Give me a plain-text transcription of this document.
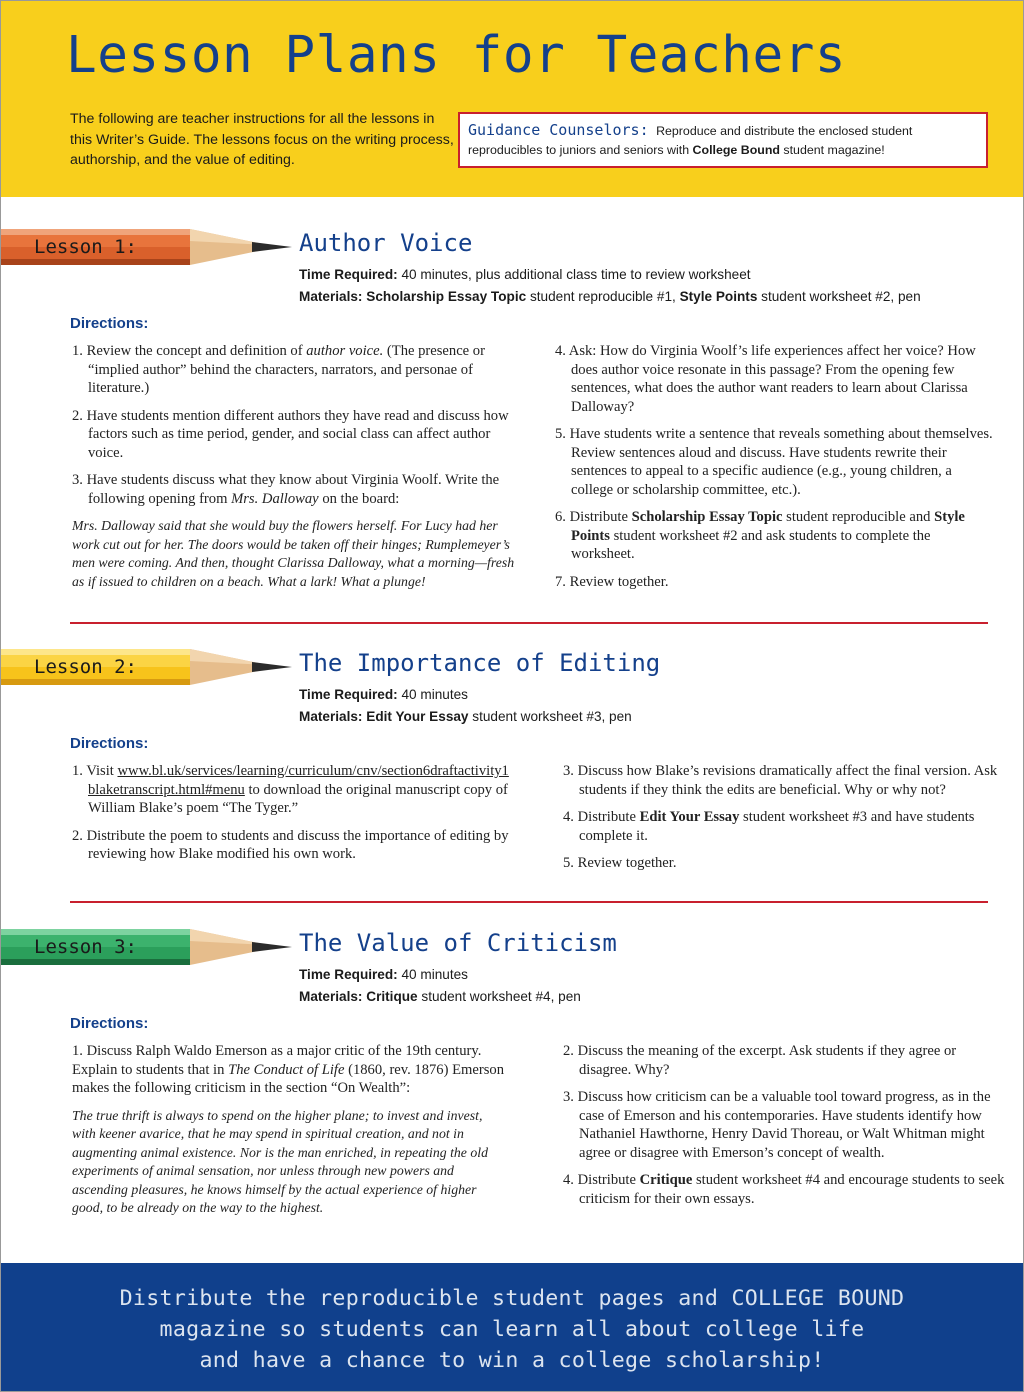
Lesson Plans for Teachers
The following are teacher instructions for all the lessons in this Writer’s Guide. The lessons focus on the writing process, authorship, and the value of editing.
Guidance Counselors: Reproduce and distribute the enclosed student reproducibles to juniors and seniors with College Bound student magazine!
Lesson 1:	Author Voice
Time Required: 40 minutes, plus additional class time to review worksheet
Materials: Scholarship Essay Topic student reproducible #1, Style Points student worksheet #2, pen
Directions:

1. Review the concept and definition of author voice. (The presence or “implied author” behind the characters, narrators, and personae of literature.)

2. Have students mention different authors they have read and discuss how factors such as time period, gender, and social class can affect author voice.

3. Have students discuss what they know about Virginia Woolf. Write the following opening from Mrs. Dalloway on the board:

Mrs. Dalloway said that she would buy the flowers herself. For Lucy had her work cut out for her. The doors would be taken off their hinges; Rumplemeyer’s men were coming. And then, thought Clarissa Dalloway, what a morning—fresh as if issued to children on a beach. What a lark! What a plunge!

4. Ask: How do Virginia Woolf’s life experiences affect her voice? How does author voice resonate in this passage? From the opening few sentences, what does the author want readers to learn about Clarissa Dalloway?

5. Have students write a sentence that reveals something about themselves. Review sentences aloud and discuss. Have students rewrite their sentences to appeal to a specific audience (e.g., young children, a college or scholarship committee, etc.).

6. Distribute Scholarship Essay Topic student reproducible and Style Points student worksheet #2 and ask students to complete the worksheet.

7. Review together.

Lesson 2:	The Importance of Editing
Time Required: 40 minutes
Materials: Edit Your Essay student worksheet #3, pen
Directions:

1. Visit www.bl.uk/services/learning/curriculum/cnv/section6draftactivity1blaketranscript.html#menu to download the original manuscript copy of William Blake’s poem “The Tyger.”

2. Distribute the poem to students and discuss the importance of editing by reviewing how Blake modified his own work.

3. Discuss how Blake’s revisions dramatically affect the final version. Ask students if they think the edits are beneficial. Why or why not?

4. Distribute Edit Your Essay student worksheet #3 and have students complete it.

5. Review together.

Lesson 3:	The Value of Criticism
Time Required: 40 minutes
Materials: Critique student worksheet #4, pen
Directions:

1. Discuss Ralph Waldo Emerson as a major critic of the 19th century. Explain to students that in The Conduct of Life (1860, rev. 1876) Emerson makes the following criticism in the section “On Wealth”:

The true thrift is always to spend on the higher plane; to invest and invest, with keener avarice, that he may spend in spiritual creation, and not in augmenting animal existence. Nor is the man enriched, in repeating the old experiments of animal sensation, nor unless through new powers and ascending pleasures, he knows himself by the actual experience of higher good, to be already on the way to the highest.

2. Discuss the meaning of the excerpt. Ask students if they agree or disagree. Why?

3. Discuss how criticism can be a valuable tool toward progress, as in the case of Emerson and his contemporaries. Have students identify how Nathaniel Hawthorne, Henry David Thoreau, or Walt Whitman might agree or disagree with Emerson’s concept of wealth.

4. Distribute Critique student worksheet #4 and encourage students to seek criticism for their own essays.

Distribute the reproducible student pages and COLLEGE BOUND
magazine so students can learn all about college life
and have a chance to win a college scholarship!
